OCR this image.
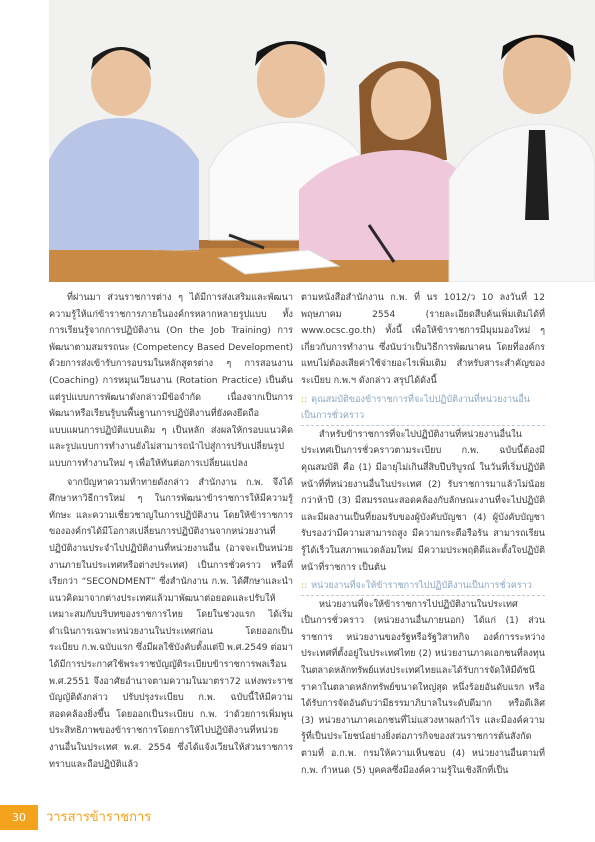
ที่ผ่านมา ส่วนราชการต่าง ๆ ได้มีการส่งเสริมและพัฒนาความรู้ให้แก่ข้าราชการภายในองค์กรหลากหลายรูปแบบ ทั้งการเรียนรู้จากการปฏิบัติงาน (On the Job Training) การพัฒนาตามสมรรถนะ (Competency Based Development) ด้วยการส่งเข้ารับการอบรมในหลักสูตรต่าง ๆ การสอนงาน (Coaching) การหมุนเวียนงาน (Rotation Practice) เป็นต้น แต่รูปแบบการพัฒนาดังกล่าวมีข้อจำกัด เนื่องจากเป็นการพัฒนาหรือเรียนรู้บนพื้นฐานการปฏิบัติงานที่ยังคงยึดถือแบบแผนการปฏิบัติแบบเดิม ๆ เป็นหลัก ส่งผลให้กรอบแนวคิดและรูปแบบการทำงานยังไม่สามารถนำไปสู่การปรับเปลี่ยนรูปแบบการทำงานใหม่ ๆ เพื่อให้ทันต่อการเปลี่ยนแปลง

จากปัญหาความท้าทายดังกล่าว สำนักงาน ก.พ. จึงได้ศึกษาหาวิธีการใหม่ ๆ ในการพัฒนาข้าราชการให้มีความรู้ ทักษะ และความเชี่ยวชาญในการปฏิบัติงาน โดยให้ข้าราชการขององค์กรได้มีโอกาสเปลี่ยนการปฏิบัติงานจากหน่วยงานที่ปฏิบัติงานประจำไปปฏิบัติงานที่หน่วยงานอื่น (อาจจะเป็นหน่วยงานภายในประเทศหรือต่างประเทศ) เป็นการชั่วคราว หรือที่เรียกว่า “SECONDMENT” ซึ่งสำนักงาน ก.พ. ได้ศึกษาและนำแนวคิดมาจากต่างประเทศแล้วมาพัฒนาต่อยอดและปรับให้เหมาะสมกับบริบทของราชการไทย โดยในช่วงแรก ได้เริ่มดำเนินการเฉพาะหน่วยงานในประเทศก่อน โดยออกเป็นระเบียบ ก.พ.ฉบับแรก ซึ่งมีผลใช้บังคับตั้งแต่ปี พ.ศ.2549 ต่อมาได้มีการประกาศใช้พระราชบัญญัติระเบียบข้าราชการพลเรือน พ.ศ.2551 จึงอาศัยอำนาจตามความในมาตรา72 แห่งพระราชบัญญัติดังกล่าว ปรับปรุงระเบียบ ก.พ. ฉบับนี้ให้มีความสอดคล้องยิ่งขึ้น โดยออกเป็นระเบียบ ก.พ. ว่าด้วยการเพิ่มพูนประสิทธิภาพของข้าราชการโดยการให้ไปปฏิบัติงานที่หน่วยงานอื่นในประเทศ พ.ศ. 2554 ซึ่งได้แจ้งเวียนให้ส่วนราชการทราบและถือปฏิบัติแล้ว

ตามหนังสือสำนักงาน ก.พ. ที่ นร 1012/ว 10 ลงวันที่ 12 พฤษภาคม 2554 (รายละเอียดสืบค้นเพิ่มเติมได้ที่ www.ocsc.go.th) ทั้งนี้ เพื่อให้ข้าราชการมีมุมมองใหม่ ๆ เกี่ยวกับการทำงาน ซึ่งนับว่าเป็นวิธีการพัฒนาคน โดยที่องค์กรแทบไม่ต้องเสียค่าใช้จ่ายอะไรเพิ่มเติม สำหรับสาระสำคัญของระเบียบ ก.พ.ฯ ดังกล่าว สรุปได้ดังนี้

:: คุณสมบัติของข้าราชการที่จะไปปฏิบัติงานที่หน่วยงานอื่นเป็นการชั่วคราว

สำหรับข้าราชการที่จะไปปฏิบัติงานที่หน่วยงานอื่นในประเทศเป็นการชั่วคราวตามระเบียบ ก.พ. ฉบับนี้ต้องมีคุณสมบัติ คือ (1) มีอายุไม่เกินสี่สิบปีบริบูรณ์ ในวันที่เริ่มปฏิบัติหน้าที่ที่หน่วยงานอื่นในประเทศ (2) รับราชการมาแล้วไม่น้อยกว่าห้าปี (3) มีสมรรถนะสอดคล้องกับลักษณะงานที่จะไปปฏิบัติ และมีผลงานเป็นที่ยอมรับของผู้บังคับบัญชา (4) ผู้บังคับบัญชารับรองว่ามีความสามารถสูง มีความกระตือรือร้น สามารถเรียนรู้ได้เร็วในสภาพแวดล้อมใหม่ มีความประพฤติดีและตั้งใจปฏิบัติหน้าที่ราชการ เป็นต้น

:: หน่วยงานที่จะให้ข้าราชการไปปฏิบัติงานเป็นการชั่วคราว

หน่วยงานที่จะให้ข้าราชการไปปฏิบัติงานในประเทศเป็นการชั่วคราว (หน่วยงานอื่นภายนอก) ได้แก่ (1) ส่วนราชการ หน่วยงานของรัฐหรือรัฐวิสาหกิจ องค์การระหว่างประเทศที่ตั้งอยู่ในประเทศไทย (2) หน่วยงานภาคเอกชนที่ลงทุนในตลาดหลักทรัพย์แห่งประเทศไทยและได้รับการจัดให้มีดัชนีราคาในตลาดหลักทรัพย์ขนาดใหญ่สุด หนึ่งร้อยอันดับแรก หรือได้รับการจัดอันดับว่ามีธรรมาภิบาลในระดับดีมาก หรือดีเลิศ (3) หน่วยงานภาคเอกชนที่ไม่แสวงหาผลกำไร และมีองค์ความรู้ที่เป็นประโยชน์อย่างยิ่งต่อภารกิจของส่วนราชการต้นสังกัด ตามที่ อ.ก.พ. กรมให้ความเห็นชอบ (4) หน่วยงานอื่นตามที่ ก.พ. กำหนด (5) บุคคลซึ่งมีองค์ความรู้ในเชิงลึกที่เป็น

30	วารสารข้าราชการ
